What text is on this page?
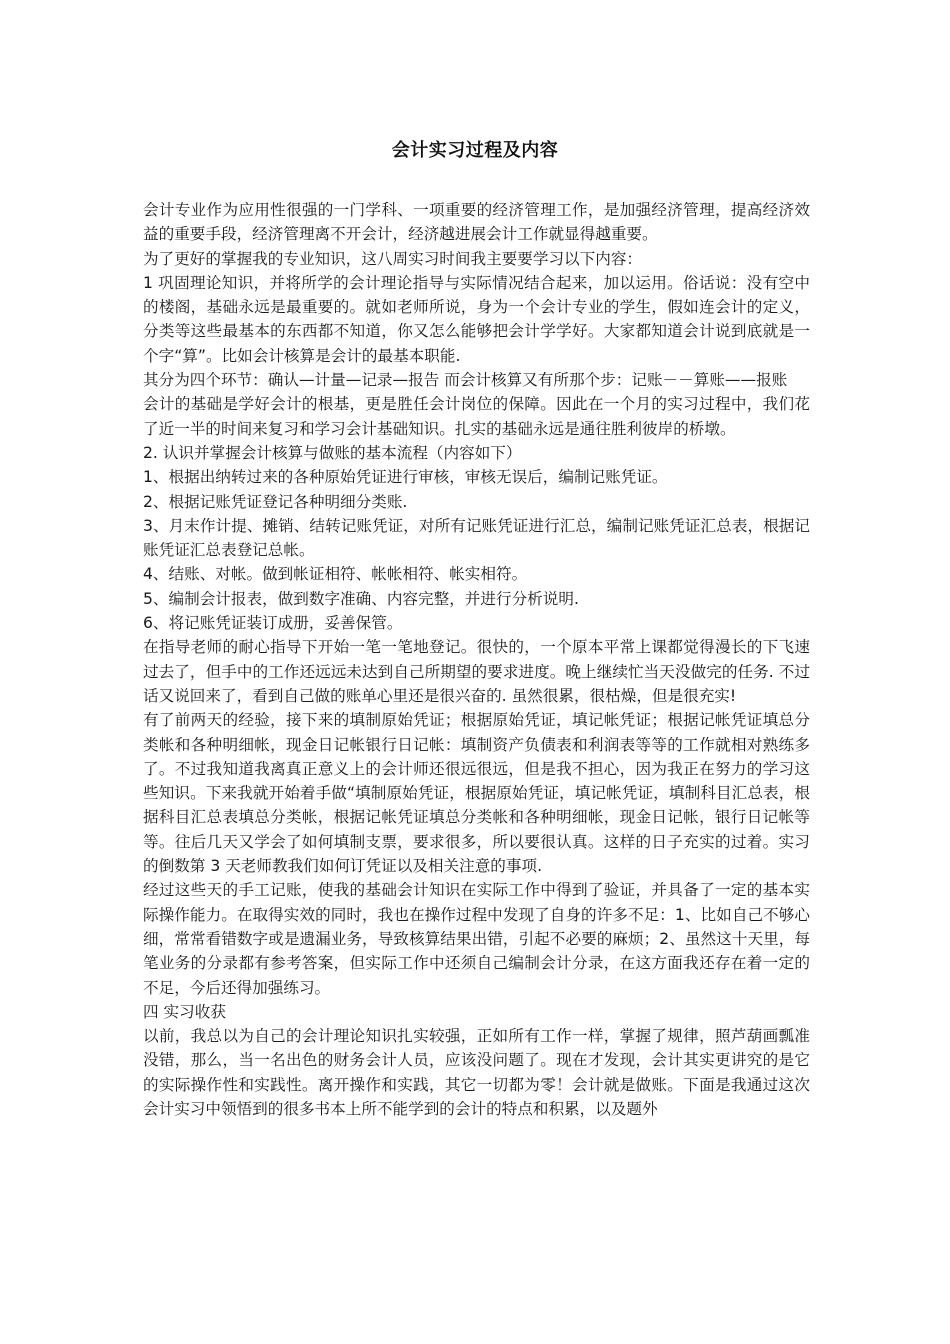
会计实习过程及内容

会计专业作为应用性很强的一门学科、一项重要的经济管理工作，是加强经济管理，提高经济效益的重要手段，经济管理离不开会计，经济越进展会计工作就显得越重要。

为了更好的掌握我的专业知识，这八周实习时间我主要要学习以下内容：

1 巩固理论知识，并将所学的会计理论指导与实际情况结合起来，加以运用。俗话说：没有空中的楼阁，基础永远是最重要的。就如老师所说，身为一个会计专业的学生，假如连会计的定义，分类等这些最基本的东西都不知道，你又怎么能够把会计学学好。大家都知道会计说到底就是一个字“算”。比如会计核算是会计的最基本职能.

其分为四个环节：确认—计量—记录—报告 而会计核算又有所那个步：记账－－算账——报账

会计的基础是学好会计的根基，更是胜任会计岗位的保障。因此在一个月的实习过程中，我们花了近一半的时间来复习和学习会计基础知识。扎实的基础永远是通往胜利彼岸的桥墩。

2. 认识并掌握会计核算与做账的基本流程（内容如下）

1、根据出纳转过来的各种原始凭证进行审核，审核无误后，编制记账凭证。

2、根据记账凭证登记各种明细分类账.

3、月末作计提、摊销、结转记账凭证，对所有记账凭证进行汇总，编制记账凭证汇总表，根据记账凭证汇总表登记总帐。

4、结账、对帐。做到帐证相符、帐帐相符、帐实相符。

5、编制会计报表，做到数字准确、内容完整，并进行分析说明.

6、将记账凭证装订成册，妥善保管。

在指导老师的耐心指导下开始一笔一笔地登记。很快的，一个原本平常上课都觉得漫长的下飞速过去了，但手中的工作还远远未达到自己所期望的要求进度。晚上继续忙当天没做完的任务. 不过话又说回来了，看到自己做的账单心里还是很兴奋的. 虽然很累，很枯燥，但是很充实!

有了前两天的经验，接下来的填制原始凭证；根据原始凭证，填记帐凭证；根据记帐凭证填总分类帐和各种明细帐，现金日记帐银行日记帐：填制资产负债表和利润表等等的工作就相对熟练多了。不过我知道我离真正意义上的会计师还很远很远，但是我不担心，因为我正在努力的学习这些知识。下来我就开始着手做“填制原始凭证，根据原始凭证，填记帐凭证，填制科目汇总表，根据科目汇总表填总分类帐，根据记帐凭证填总分类帐和各种明细帐，现金日记帐，银行日记帐等等。往后几天又学会了如何填制支票，要求很多，所以要很认真。这样的日子充实的过着。实习的倒数第 3 天老师教我们如何订凭证以及相关注意的事项.

经过这些天的手工记账，使我的基础会计知识在实际工作中得到了验证，并具备了一定的基本实际操作能力。在取得实效的同时，我也在操作过程中发现了自身的许多不足：1、比如自己不够心细，常常看错数字或是遗漏业务，导致核算结果出错，引起不必要的麻烦；2、虽然这十天里，每笔业务的分录都有参考答案，但实际工作中还须自己编制会计分录，在这方面我还存在着一定的不足，今后还得加强练习。

四 实习收获

以前，我总以为自己的会计理论知识扎实较强，正如所有工作一样，掌握了规律，照芦葫画瓢准没错，那么，当一名出色的财务会计人员，应该没问题了。现在才发现，会计其实更讲究的是它的实际操作性和实践性。离开操作和实践，其它一切都为零！会计就是做账。下面是我通过这次会计实习中领悟到的很多书本上所不能学到的会计的特点和积累，以及题外
